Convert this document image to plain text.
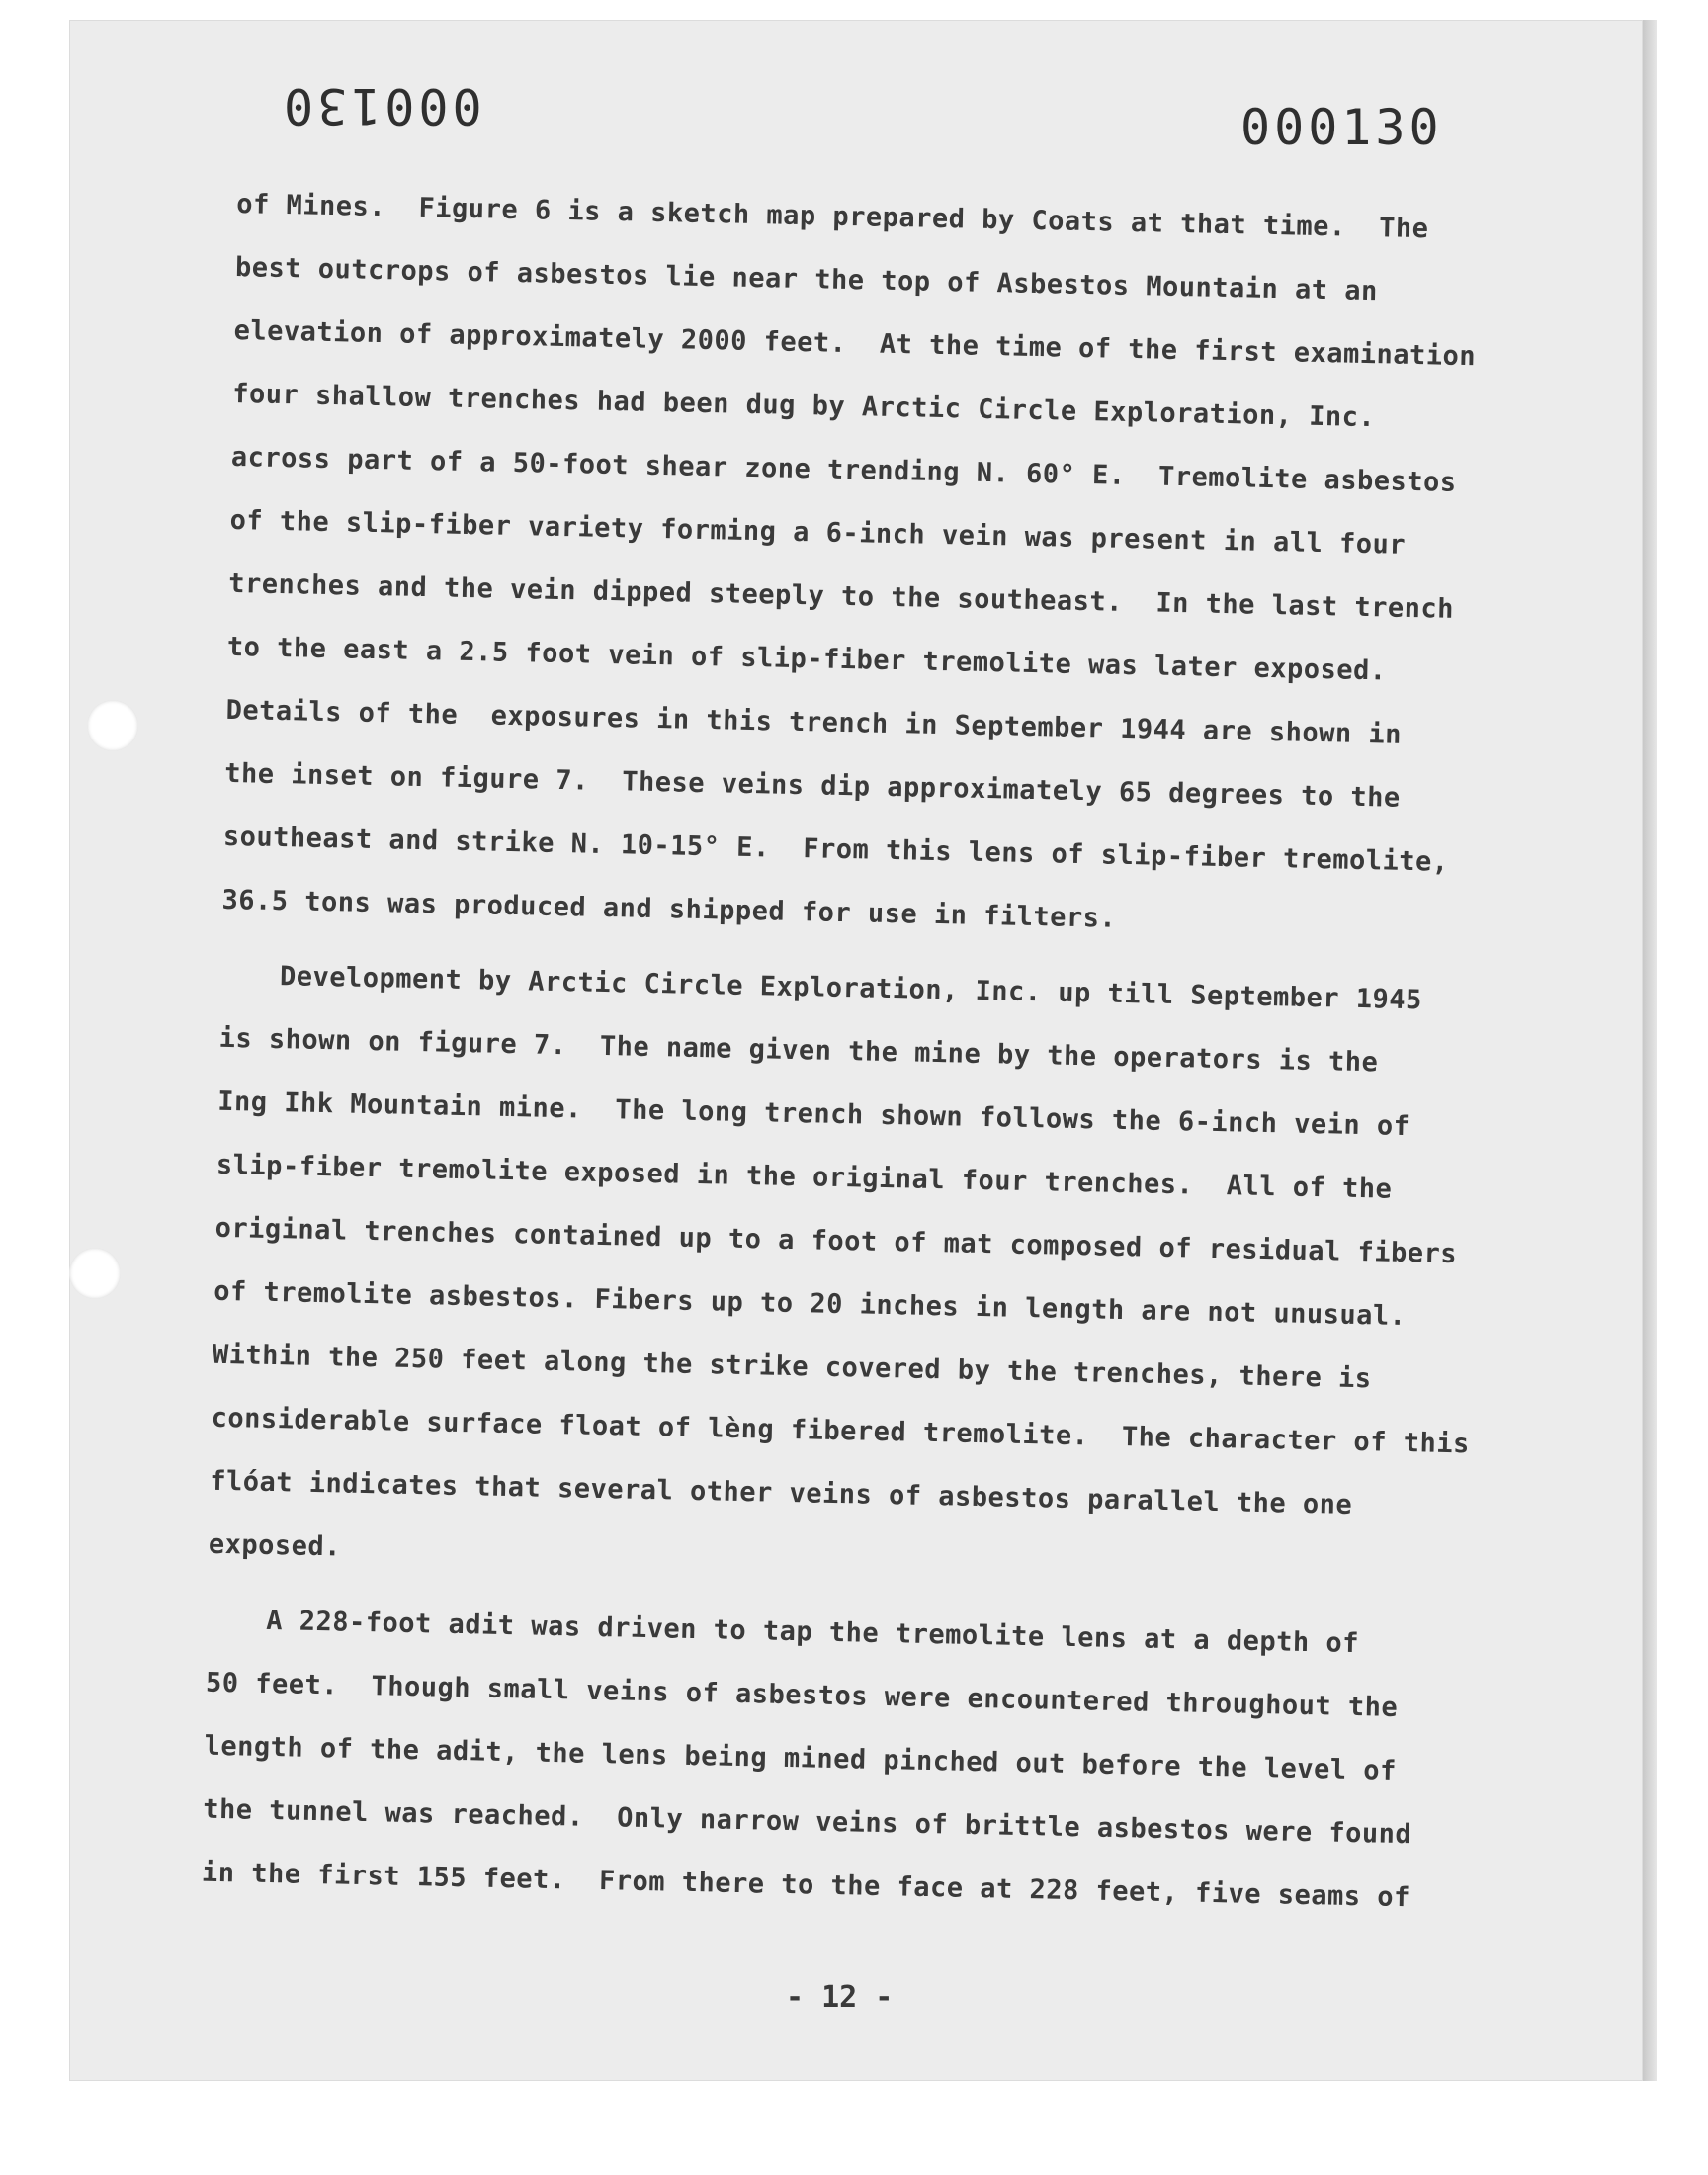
000130	000130
of Mines.  Figure 6 is a sketch map prepared by Coats at that time.  The
best outcrops of asbestos lie near the top of Asbestos Mountain at an
elevation of approximately 2000 feet.  At the time of the first examination
four shallow trenches had been dug by Arctic Circle Exploration, Inc.
across part of a 50-foot shear zone trending N. 60° E.  Tremolite asbestos
of the slip-fiber variety forming a 6-inch vein was present in all four
trenches and the vein dipped steeply to the southeast.  In the last trench
to the east a 2.5 foot vein of slip-fiber tremolite was later exposed.
Details of the  exposures in this trench in September 1944 are shown in
the inset on figure 7.  These veins dip approximately 65 degrees to the
southeast and strike N. 10-15° E.  From this lens of slip-fiber tremolite,
36.5 tons was produced and shipped for use in filters.
Development by Arctic Circle Exploration, Inc. up till September 1945
is shown on figure 7.  The name given the mine by the operators is the
Ing Ihk Mountain mine.  The long trench shown follows the 6-inch vein of
slip-fiber tremolite exposed in the original four trenches.  All of the
original trenches contained up to a foot of mat composed of residual fibers
of tremolite asbestos. Fibers up to 20 inches in length are not unusual.
Within the 250 feet along the strike covered by the trenches, there is
considerable surface float of lèng fibered tremolite.  The character of this
flóat indicates that several other veins of asbestos parallel the one
exposed.
A 228-foot adit was driven to tap the tremolite lens at a depth of
50 feet.  Though small veins of asbestos were encountered throughout the
length of the adit, the lens being mined pinched out before the level of
the tunnel was reached.  Only narrow veins of brittle asbestos were found
in the first 155 feet.  From there to the face at 228 feet, five seams of
- 12 -
